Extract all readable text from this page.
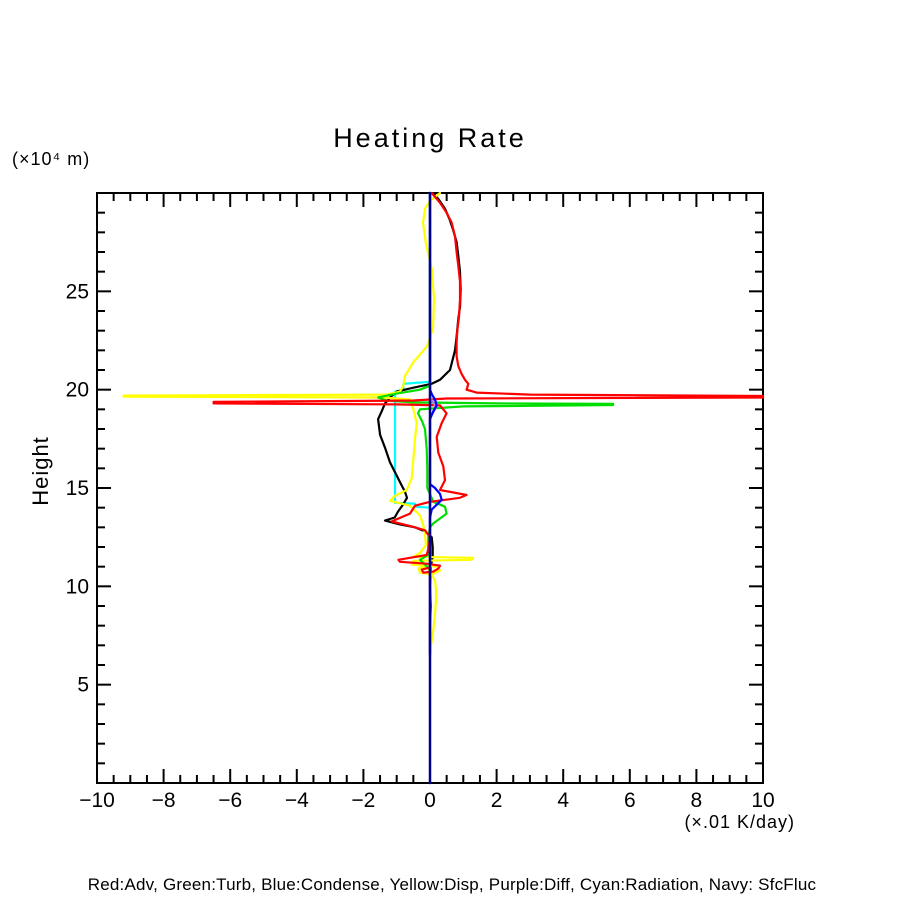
Heating Rate
(×10⁴ m)
Height
(×.01 K/day)
Red:Adv, Green:Turb, Blue:Condense, Yellow:Disp, Purple:Diff, Cyan:Radiation, Navy: SfcFluc
−10 −8 −6 −4 −2 0	2	4	6	8 10
5
10
15
20
25
